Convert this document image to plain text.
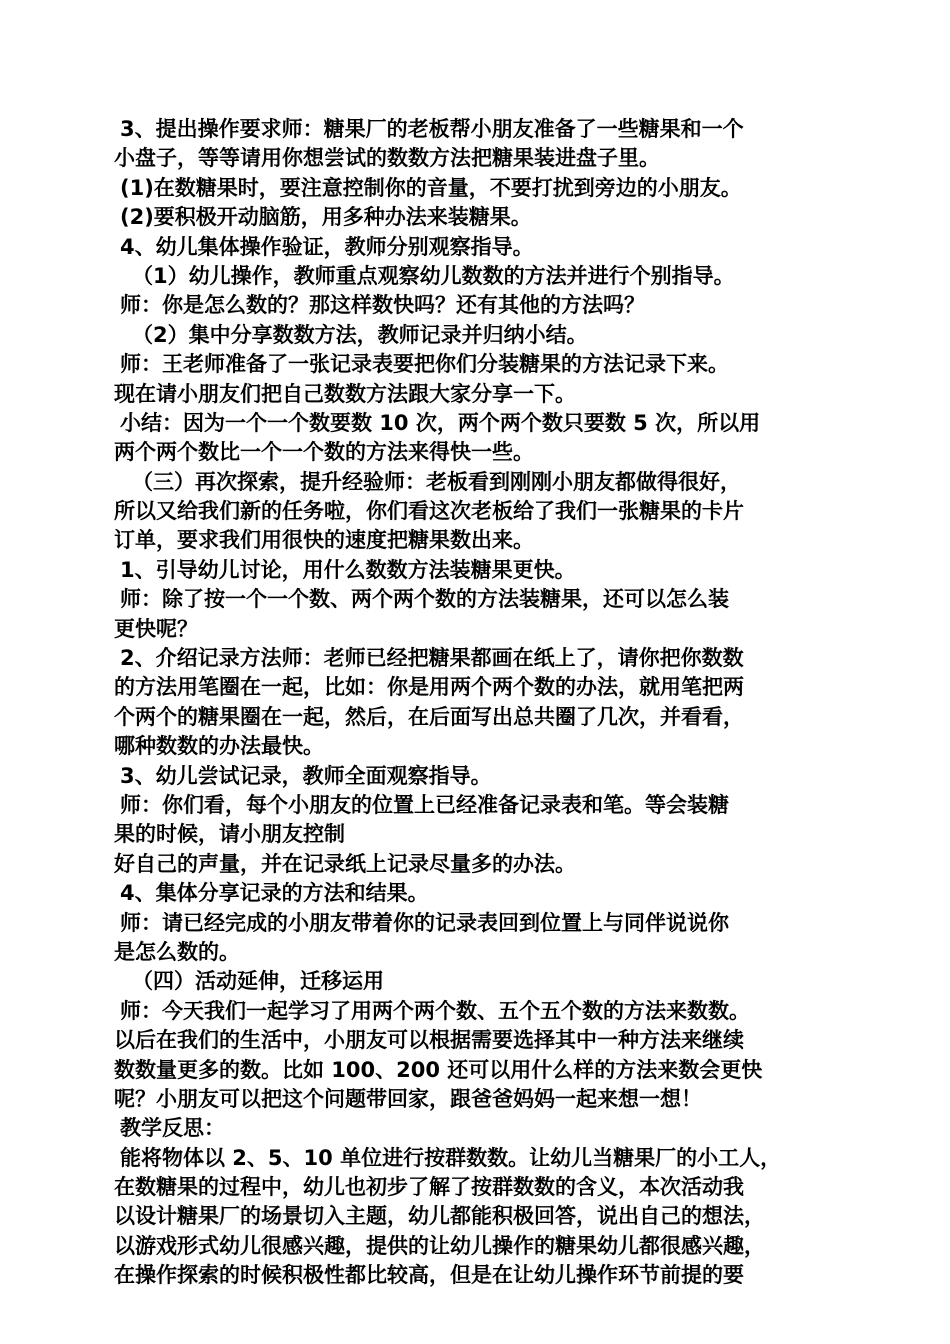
3、提出操作要求师：糖果厂的老板帮小朋友准备了一些糖果和一个
小盘子，等等请用你想尝试的数数方法把糖果装进盘子里。
(1)在数糖果时，要注意控制你的音量，不要打扰到旁边的小朋友。
(2)要积极开动脑筋，用多种办法来装糖果。
4、幼儿集体操作验证，教师分别观察指导。
（1）幼儿操作，教师重点观察幼儿数数的方法并进行个别指导。
师：你是怎么数的？那这样数快吗？还有其他的方法吗？
（2）集中分享数数方法，教师记录并归纳小结。
师：王老师准备了一张记录表要把你们分装糖果的方法记录下来。
现在请小朋友们把自己数数方法跟大家分享一下。
小结：因为一个一个数要数 10 次，两个两个数只要数 5 次，所以用
两个两个数比一个一个数的方法来得快一些。
（三）再次探索，提升经验师：老板看到刚刚小朋友都做得很好，
所以又给我们新的任务啦，你们看这次老板给了我们一张糖果的卡片
订单，要求我们用很快的速度把糖果数出来。
1、引导幼儿讨论，用什么数数方法装糖果更快。
师：除了按一个一个数、两个两个数的方法装糖果，还可以怎么装
更快呢？
2、介绍记录方法师：老师已经把糖果都画在纸上了，请你把你数数
的方法用笔圈在一起，比如：你是用两个两个数的办法，就用笔把两
个两个的糖果圈在一起，然后，在后面写出总共圈了几次，并看看，
哪种数数的办法最快。
3、幼儿尝试记录，教师全面观察指导。
师：你们看，每个小朋友的位置上已经准备记录表和笔。等会装糖
果的时候，请小朋友控制
好自己的声量，并在记录纸上记录尽量多的办法。
4、集体分享记录的方法和结果。
师：请已经完成的小朋友带着你的记录表回到位置上与同伴说说你
是怎么数的。
（四）活动延伸，迁移运用
师：今天我们一起学习了用两个两个数、五个五个数的方法来数数。
以后在我们的生活中，小朋友可以根据需要选择其中一种方法来继续
数数量更多的数。比如 100、200 还可以用什么样的方法来数会更快
呢？小朋友可以把这个问题带回家，跟爸爸妈妈一起来想一想！
教学反思：
能将物体以 2、5、10 单位进行按群数数。让幼儿当糖果厂的小工人，
在数糖果的过程中，幼儿也初步了解了按群数数的含义，本次活动我
以设计糖果厂的场景切入主题，幼儿都能积极回答，说出自己的想法，
以游戏形式幼儿很感兴趣，提供的让幼儿操作的糖果幼儿都很感兴趣，
在操作探索的时候积极性都比较高，但是在让幼儿操作环节前提的要
